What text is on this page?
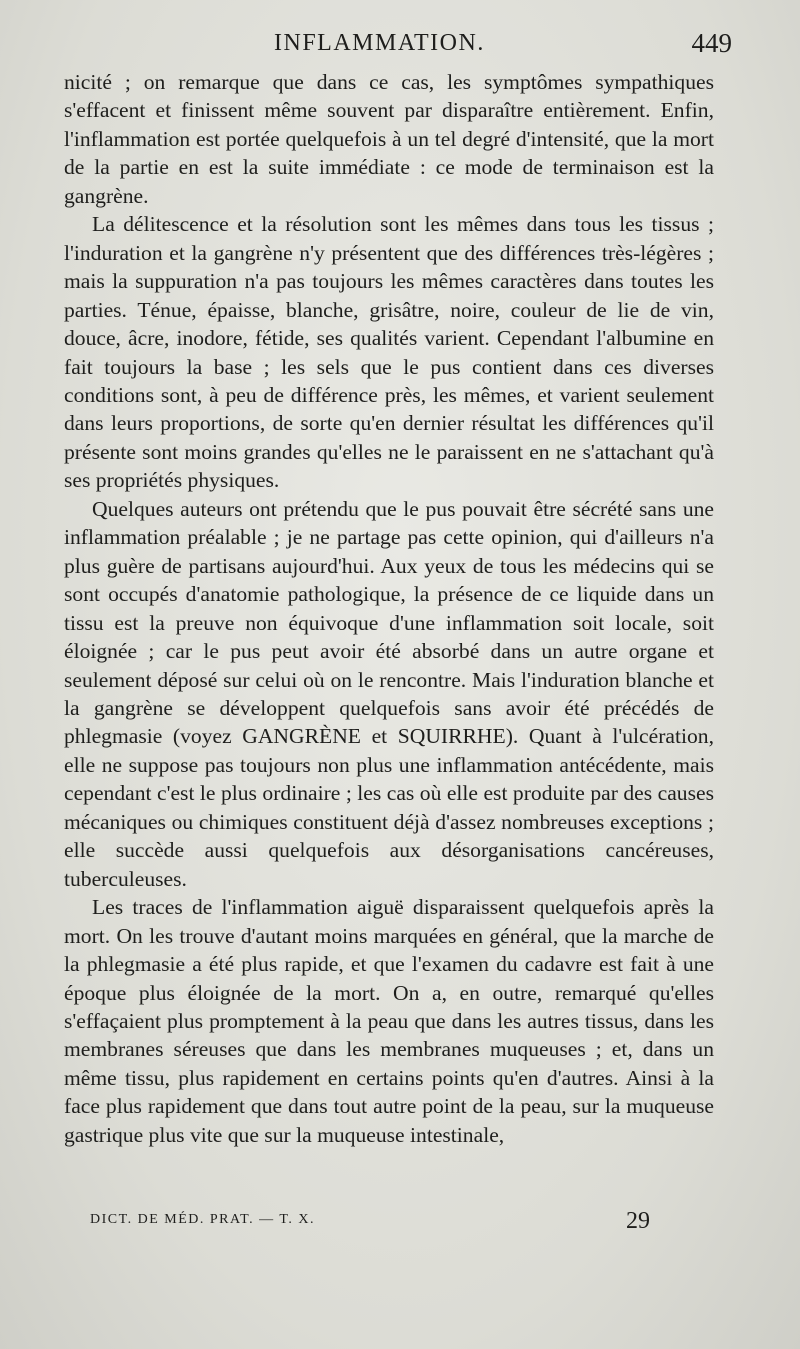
INFLAMMATION.	449

nicité ; on remarque que dans ce cas, les symptômes sympathiques s'effacent et finissent même souvent par disparaître entièrement. Enfin, l'inflammation est portée quelquefois à un tel degré d'intensité, que la mort de la partie en est la suite immédiate : ce mode de terminaison est la gangrène.

La délitescence et la résolution sont les mêmes dans tous les tissus ; l'induration et la gangrène n'y présentent que des différences très-légères ; mais la suppuration n'a pas toujours les mêmes caractères dans toutes les parties. Ténue, épaisse, blanche, grisâtre, noire, couleur de lie de vin, douce, âcre, inodore, fétide, ses qualités varient. Cependant l'albumine en fait toujours la base ; les sels que le pus contient dans ces diverses conditions sont, à peu de différence près, les mêmes, et varient seulement dans leurs proportions, de sorte qu'en dernier résultat les différences qu'il présente sont moins grandes qu'elles ne le paraissent en ne s'attachant qu'à ses propriétés physiques.

Quelques auteurs ont prétendu que le pus pouvait être sécrété sans une inflammation préalable ; je ne partage pas cette opinion, qui d'ailleurs n'a plus guère de partisans aujourd'hui. Aux yeux de tous les médecins qui se sont occupés d'anatomie pathologique, la présence de ce liquide dans un tissu est la preuve non équivoque d'une inflammation soit locale, soit éloignée ; car le pus peut avoir été absorbé dans un autre organe et seulement déposé sur celui où on le rencontre. Mais l'induration blanche et la gangrène se développent quelquefois sans avoir été précédés de phlegmasie (voyez GANGRÈNE et SQUIRRHE). Quant à l'ulcération, elle ne suppose pas toujours non plus une inflammation antécédente, mais cependant c'est le plus ordinaire ; les cas où elle est produite par des causes mécaniques ou chimiques constituent déjà d'assez nombreuses exceptions ; elle succède aussi quelquefois aux désorganisations cancéreuses, tuberculeuses.

Les traces de l'inflammation aiguë disparaissent quelquefois après la mort. On les trouve d'autant moins marquées en général, que la marche de la phlegmasie a été plus rapide, et que l'examen du cadavre est fait à une époque plus éloignée de la mort. On a, en outre, remarqué qu'elles s'effaçaient plus promptement à la peau que dans les autres tissus, dans les membranes séreuses que dans les membranes muqueuses ; et, dans un même tissu, plus rapidement en certains points qu'en d'autres. Ainsi à la face plus rapidement que dans tout autre point de la peau, sur la muqueuse gastrique plus vite que sur la muqueuse intestinale,

DICT. DE MÉD. PRAT. — T. X.	29
